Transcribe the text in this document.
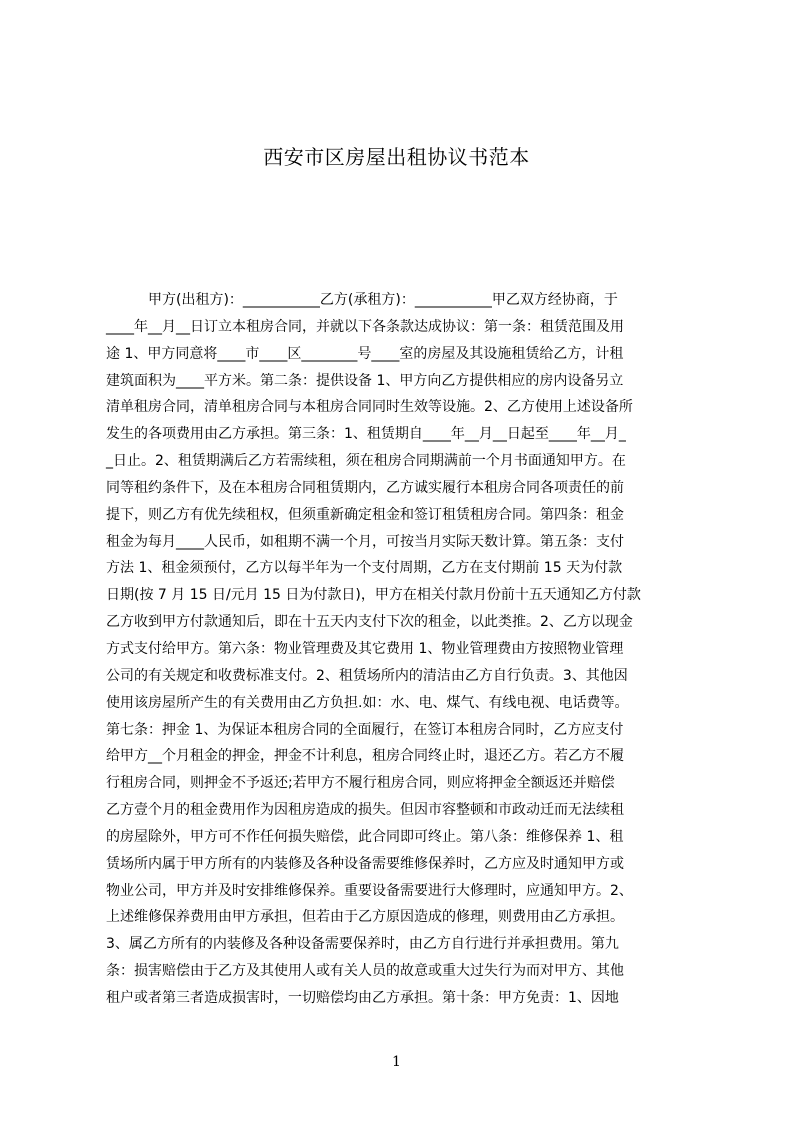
西安市区房屋出租协议书范本
　　　甲方(出租方)：___________乙方(承租方)：___________甲乙双方经协商，于
____年__月__日订立本租房合同，并就以下各条款达成协议：第一条：租赁范围及用
途 1、甲方同意将____市____区________号____室的房屋及其设施租赁给乙方，计租
建筑面积为____平方米。第二条：提供设备 1、甲方向乙方提供相应的房内设备另立
清单租房合同，清单租房合同与本租房合同同时生效等设施。2、乙方使用上述设备所
发生的各项费用由乙方承担。第三条：1、租赁期自____年__月__日起至____年__月_
_日止。2、租赁期满后乙方若需续租，须在租房合同期满前一个月书面通知甲方。在
同等租约条件下，及在本租房合同租赁期内，乙方诚实履行本租房合同各项责任的前
提下，则乙方有优先续租权，但须重新确定租金和签订租赁租房合同。第四条：租金
租金为每月____人民币，如租期不满一个月，可按当月实际天数计算。第五条：支付
方法 1、租金须预付，乙方以每半年为一个支付周期，乙方在支付期前 15 天为付款
日期(按 7 月 15 日/元月 15 日为付款日)，甲方在相关付款月份前十五天通知乙方付款
乙方收到甲方付款通知后，即在十五天内支付下次的租金，以此类推。2、乙方以现金
方式支付给甲方。第六条：物业管理费及其它费用 1、物业管理费由方按照物业管理
公司的有关规定和收费标准支付。2、租赁场所内的清洁由乙方自行负责。3、其他因
使用该房屋所产生的有关费用由乙方负担.如：水、电、煤气、有线电视、电话费等。
第七条：押金 1、为保证本租房合同的全面履行，在签订本租房合同时，乙方应支付
给甲方__个月租金的押金，押金不计利息，租房合同终止时，退还乙方。若乙方不履
行租房合同，则押金不予返还;若甲方不履行租房合同，则应将押金全额返还并赔偿
乙方壹个月的租金费用作为因租房造成的损失。但因市容整顿和市政动迁而无法续租
的房屋除外，甲方可不作任何损失赔偿，此合同即可终止。第八条：维修保养 1、租
赁场所内属于甲方所有的内装修及各种设备需要维修保养时，乙方应及时通知甲方或
物业公司，甲方并及时安排维修保养。重要设备需要进行大修理时，应通知甲方。2、
上述维修保养费用由甲方承担，但若由于乙方原因造成的修理，则费用由乙方承担。
3、属乙方所有的内装修及各种设备需要保养时，由乙方自行进行并承担费用。第九
条：损害赔偿由于乙方及其使用人或有关人员的故意或重大过失行为而对甲方、其他
租户或者第三者造成损害时，一切赔偿均由乙方承担。第十条：甲方免责：1、因地
1
